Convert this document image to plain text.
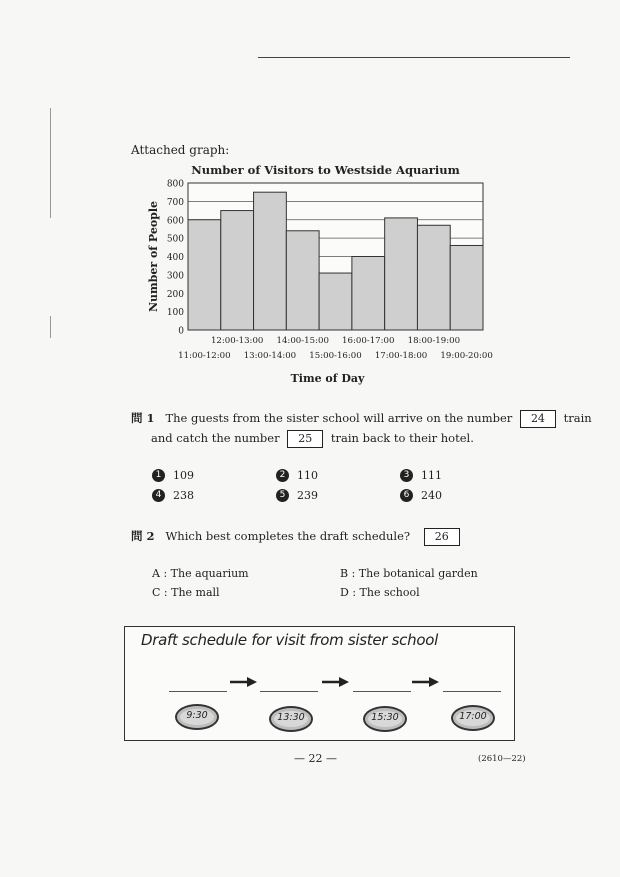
Attached graph:
Number of Visitors to Westside Aquarium
0
100
200
300
400
500
600
700
800
11:00-12:00
12:00-13:00
13:00-14:00
14:00-15:00
15:00-16:00
16:00-17:00
17:00-18:00
18:00-19:00
19:00-20:00
Time of Day
Number of People
問 1 The guests from the sister school will arrive on the number 24 train
and catch the number 25 train back to their hotel.
1	109	2	110	3	111
4	238	5	239	6	240
問 2 Which best completes the draft schedule? 26
A : The aquarium	B : The botanical garden
C : The mall	D : The school
Draft schedule for visit from sister school
9:30	13:30	15:30	17:00
— 22 —	(2610—22)
